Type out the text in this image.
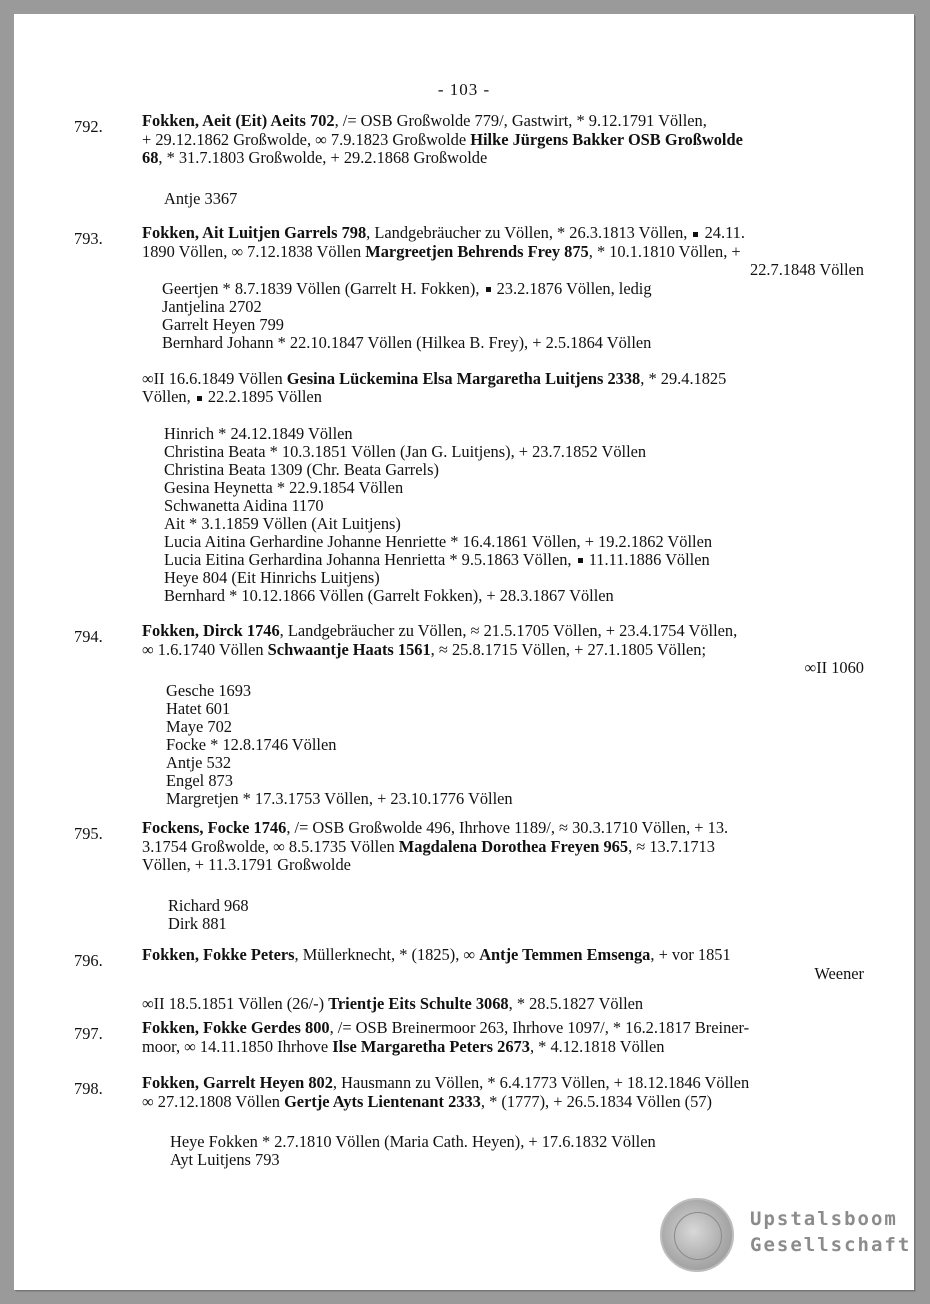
- 103 -
792.	Fokken, Aeit (Eit) Aeits 702, /= OSB Großwolde 779/, Gastwirt, * 9.12.1791 Völlen,
+ 29.12.1862 Großwolde, ∞ 7.9.1823 Großwolde Hilke Jürgens Bakker OSB Großwolde
68, * 31.7.1803 Großwolde, + 29.2.1868 Großwolde
Antje 3367
793.	Fokken, Ait Luitjen Garrels 798, Landgebräucher zu Völlen, * 26.3.1813 Völlen,  24.11.
1890 Völlen, ∞ 7.12.1838 Völlen Margreetjen Behrends Frey 875, * 10.1.1810 Völlen, +
22.7.1848 Völlen
Geertjen * 8.7.1839 Völlen (Garrelt H. Fokken),  23.2.1876 Völlen, ledig
Jantjelina 2702
Garrelt Heyen 799
Bernhard Johann * 22.10.1847 Völlen (Hilkea B. Frey), + 2.5.1864 Völlen
∞II 16.6.1849 Völlen Gesina Lückemina Elsa Margaretha Luitjens 2338, * 29.4.1825
Völlen,  22.2.1895 Völlen
Hinrich * 24.12.1849 Völlen
Christina Beata * 10.3.1851 Völlen (Jan G. Luitjens), + 23.7.1852 Völlen
Christina Beata 1309 (Chr. Beata Garrels)
Gesina Heynetta * 22.9.1854 Völlen
Schwanetta Aidina 1170
Ait * 3.1.1859 Völlen (Ait Luitjens)
Lucia Aitina Gerhardine Johanne Henriette * 16.4.1861 Völlen, + 19.2.1862 Völlen
Lucia Eitina Gerhardina Johanna Henrietta * 9.5.1863 Völlen,  11.11.1886 Völlen
Heye 804 (Eit Hinrichs Luitjens)
Bernhard * 10.12.1866 Völlen (Garrelt Fokken), + 28.3.1867 Völlen
794.	Fokken, Dirck 1746, Landgebräucher zu Völlen, ≈ 21.5.1705 Völlen, + 23.4.1754 Völlen,
∞ 1.6.1740 Völlen Schwaantje Haats 1561, ≈ 25.8.1715 Völlen, + 27.1.1805 Völlen;
∞II 1060
Gesche 1693
Hatet 601
Maye 702
Focke * 12.8.1746 Völlen
Antje 532
Engel 873
Margretjen * 17.3.1753 Völlen, + 23.10.1776 Völlen
795.	Fockens, Focke 1746, /= OSB Großwolde 496, Ihrhove 1189/, ≈ 30.3.1710 Völlen, + 13.
3.1754 Großwolde, ∞ 8.5.1735 Völlen Magdalena Dorothea Freyen 965, ≈ 13.7.1713
Völlen, + 11.3.1791 Großwolde
Richard 968
Dirk 881
796.	Fokken, Fokke Peters, Müllerknecht, * (1825), ∞ Antje Temmen Emsenga, + vor 1851
Weener
∞II 18.5.1851 Völlen (26/-) Trientje Eits Schulte 3068, * 28.5.1827 Völlen
797.	Fokken, Fokke Gerdes 800, /= OSB Breinermoor 263, Ihrhove 1097/, * 16.2.1817 Breiner-
moor, ∞ 14.11.1850 Ihrhove Ilse Margaretha Peters 2673, * 4.12.1818 Völlen
798.	Fokken, Garrelt Heyen 802, Hausmann zu Völlen, * 6.4.1773 Völlen, + 18.12.1846 Völlen
∞ 27.12.1808 Völlen Gertje Ayts Lientenant 2333, * (1777), + 26.5.1834 Völlen (57)
Heye Fokken * 2.7.1810 Völlen (Maria Cath. Heyen), + 17.6.1832 Völlen
Ayt Luitjens 793
Upstalsboom
Gesellschaft
